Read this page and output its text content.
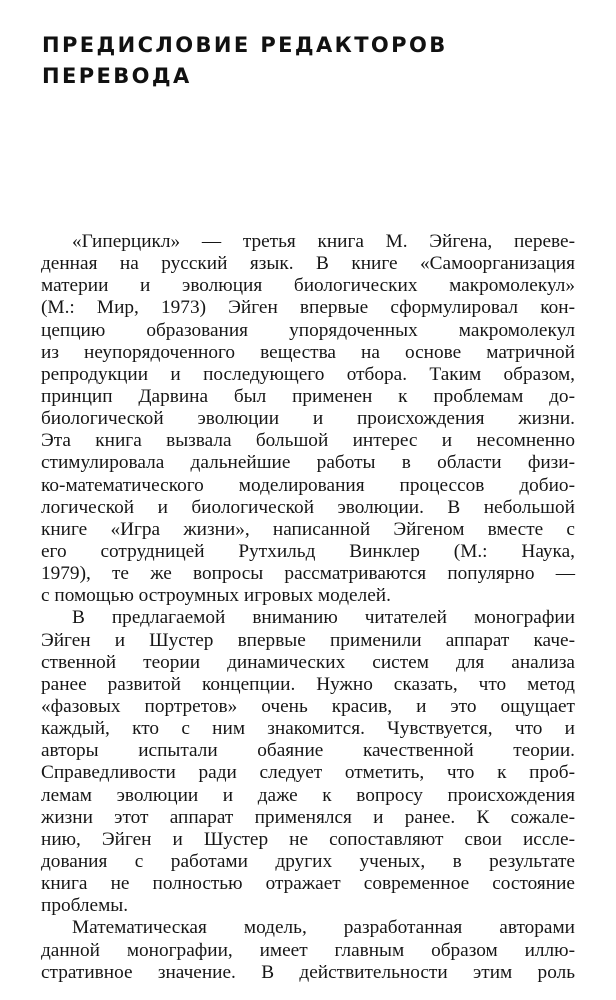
ПРЕДИСЛОВИЕ РЕДАКТОРОВ
ПЕРЕВОДА

«Гиперцикл» — третья книга М. Эйгена, переве-
денная на русский язык. В книге «Самоорганизация
материи и эволюция биологических макромолекул»
(М.: Мир, 1973) Эйген впервые сформулировал кон-
цепцию образования упорядоченных макромолекул
из неупорядоченного вещества на основе матричной
репродукции и последующего отбора. Таким образом,
принцип Дарвина был применен к проблемам до-
биологической эволюции и происхождения жизни.
Эта книга вызвала большой интерес и несомненно
стимулировала дальнейшие работы в области физи-
ко-математического моделирования процессов добио-
логической и биологической эволюции. В небольшой
книге «Игра жизни», написанной Эйгеном вместе с
его сотрудницей Рутхильд Винклер (М.: Наука,
1979), те же вопросы рассматриваются популярно —
с помощью остроумных игровых моделей.

В предлагаемой вниманию читателей монографии
Эйген и Шустер впервые применили аппарат каче-
ственной теории динамических систем для анализа
ранее развитой концепции. Нужно сказать, что метод
«фазовых портретов» очень красив, и это ощущает
каждый, кто с ним знакомится. Чувствуется, что и
авторы испытали обаяние качественной теории.
Справедливости ради следует отметить, что к проб-
лемам эволюции и даже к вопросу происхождения
жизни этот аппарат применялся и ранее. К сожале-
нию, Эйген и Шустер не сопоставляют свои иссле-
дования с работами других ученых, в результате
книга не полностью отражает современное состояние
проблемы.

Математическая модель, разработанная авторами
данной монографии, имеет главным образом иллю-
стративное значение. В действительности этим роль
